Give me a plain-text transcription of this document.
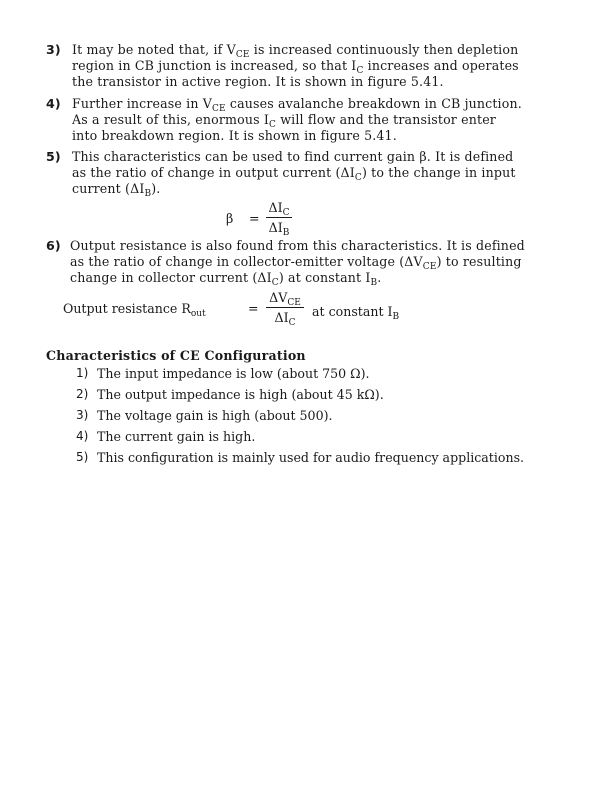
3) It may be noted that, if $V_{CE}$ is increased continuously then depletion
region in CB junction is increased, so that $I_C$ increases and operates
the transistor in active region. It is shown in figure 5.41.
4) Further increase in $V_{CE}$ causes avalanche breakdown in CB junction.
As a result of this, enormous $I_C$ will flow and the transistor enter
into breakdown region. It is shown in figure 5.41.
5) This characteristics can be used to find current gain β. It is defined
as the ratio of change in output current $(\Delta I_C)$ to the change in input
current $(\Delta I_B)$.
β =
$\Delta I_C$
$\Delta I_B$
6) Output resistance is also found from this characteristics. It is defined
as the ratio of change in collector-emitter voltage $(\Delta V_{CE})$ to resulting
change in collector current $(\Delta I_C)$ at constant $I_B$.
Output resistance $R_{out}$	=
$\Delta V_{CE}$
$\Delta I_C$
at constant $I_B$
Characteristics of CE Configuration
1) The input impedance is low (about 750 Ω).
2) The output impedance is high (about 45 kΩ).
3) The voltage gain is high (about 500).
4) The current gain is high.
5) This configuration is mainly used for audio frequency applications.
